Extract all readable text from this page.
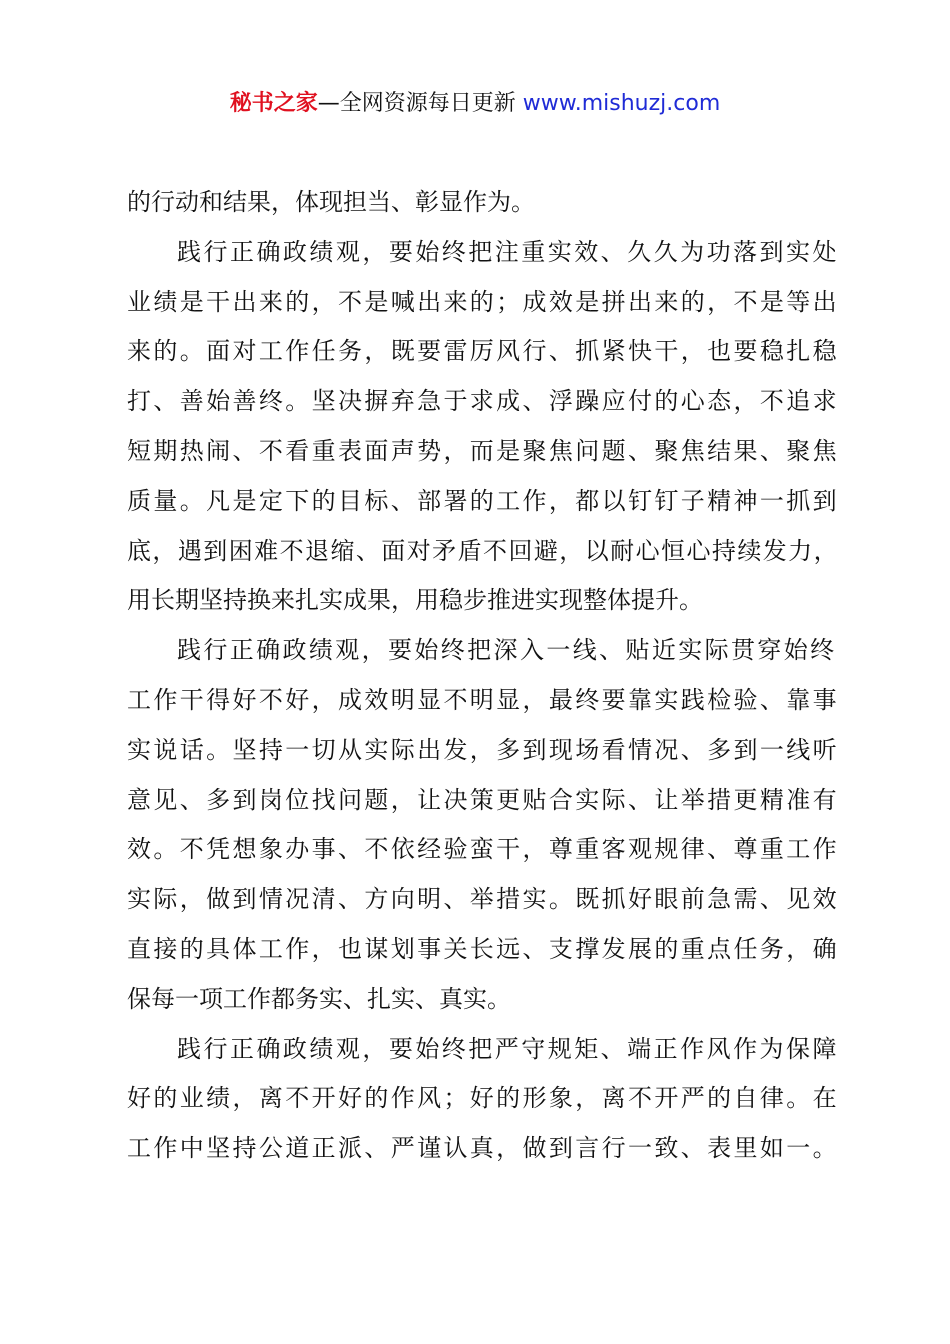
秘书之家—全网资源每日更新 www.mishuzj.com
的行动和结果，体现担当、彰显作为。
践行正确政绩观，要始终把注重实效、久久为功落到实处
业绩是干出来的，不是喊出来的；成效是拼出来的，不是等出
来的。面对工作任务，既要雷厉风行、抓紧快干，也要稳扎稳
打、善始善终。坚决摒弃急于求成、浮躁应付的心态，不追求
短期热闹、不看重表面声势，而是聚焦问题、聚焦结果、聚焦
质量。凡是定下的目标、部署的工作，都以钉钉子精神一抓到
底，遇到困难不退缩、面对矛盾不回避，以耐心恒心持续发力，
用长期坚持换来扎实成果，用稳步推进实现整体提升。
践行正确政绩观，要始终把深入一线、贴近实际贯穿始终
工作干得好不好，成效明显不明显，最终要靠实践检验、靠事
实说话。坚持一切从实际出发，多到现场看情况、多到一线听
意见、多到岗位找问题，让决策更贴合实际、让举措更精准有
效。不凭想象办事、不依经验蛮干，尊重客观规律、尊重工作
实际，做到情况清、方向明、举措实。既抓好眼前急需、见效
直接的具体工作，也谋划事关长远、支撑发展的重点任务，确
保每一项工作都务实、扎实、真实。
践行正确政绩观，要始终把严守规矩、端正作风作为保障
好的业绩，离不开好的作风；好的形象，离不开严的自律。在
工作中坚持公道正派、严谨认真，做到言行一致、表里如一。
